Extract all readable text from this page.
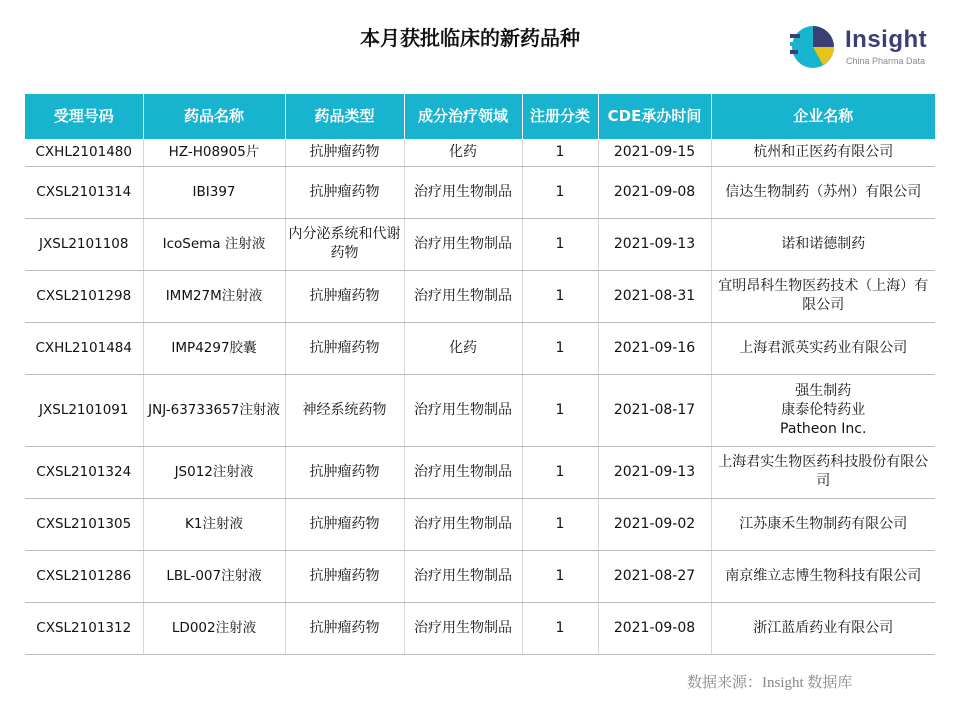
本月获批临床的新药品种	Insight
China Pharma Data
受理号码	药品名称	药品类型	成分治疗领域	注册分类	CDE承办时间	企业名称
CXHL2101480	HZ-H08905片	抗肿瘤药物	化药	1	2021-09-15	杭州和正医药有限公司
CXSL2101314	IBI397	抗肿瘤药物	治疗用生物制品	1	2021-09-08	信达生物制药（苏州）有限公司
JXSL2101108	IcoSema 注射液	内分泌系统和代谢药物	治疗用生物制品	1	2021-09-13	诺和诺德制药
CXSL2101298	IMM27M注射液	抗肿瘤药物	治疗用生物制品	1	2021-08-31	宜明昂科生物医药技术（上海）有限公司
CXHL2101484	IMP4297胶囊	抗肿瘤药物	化药	1	2021-09-16	上海君派英实药业有限公司
JXSL2101091	JNJ-63733657注射液	神经系统药物	治疗用生物制品	1	2021-08-17	强生制药
康泰伦特药业
Patheon Inc.
CXSL2101324	JS012注射液	抗肿瘤药物	治疗用生物制品	1	2021-09-13	上海君实生物医药科技股份有限公司
CXSL2101305	K1注射液	抗肿瘤药物	治疗用生物制品	1	2021-09-02	江苏康禾生物制药有限公司
CXSL2101286	LBL-007注射液	抗肿瘤药物	治疗用生物制品	1	2021-08-27	南京维立志博生物科技有限公司
CXSL2101312	LD002注射液	抗肿瘤药物	治疗用生物制品	1	2021-09-08	浙江蓝盾药业有限公司
数据来源：Insight 数据库
